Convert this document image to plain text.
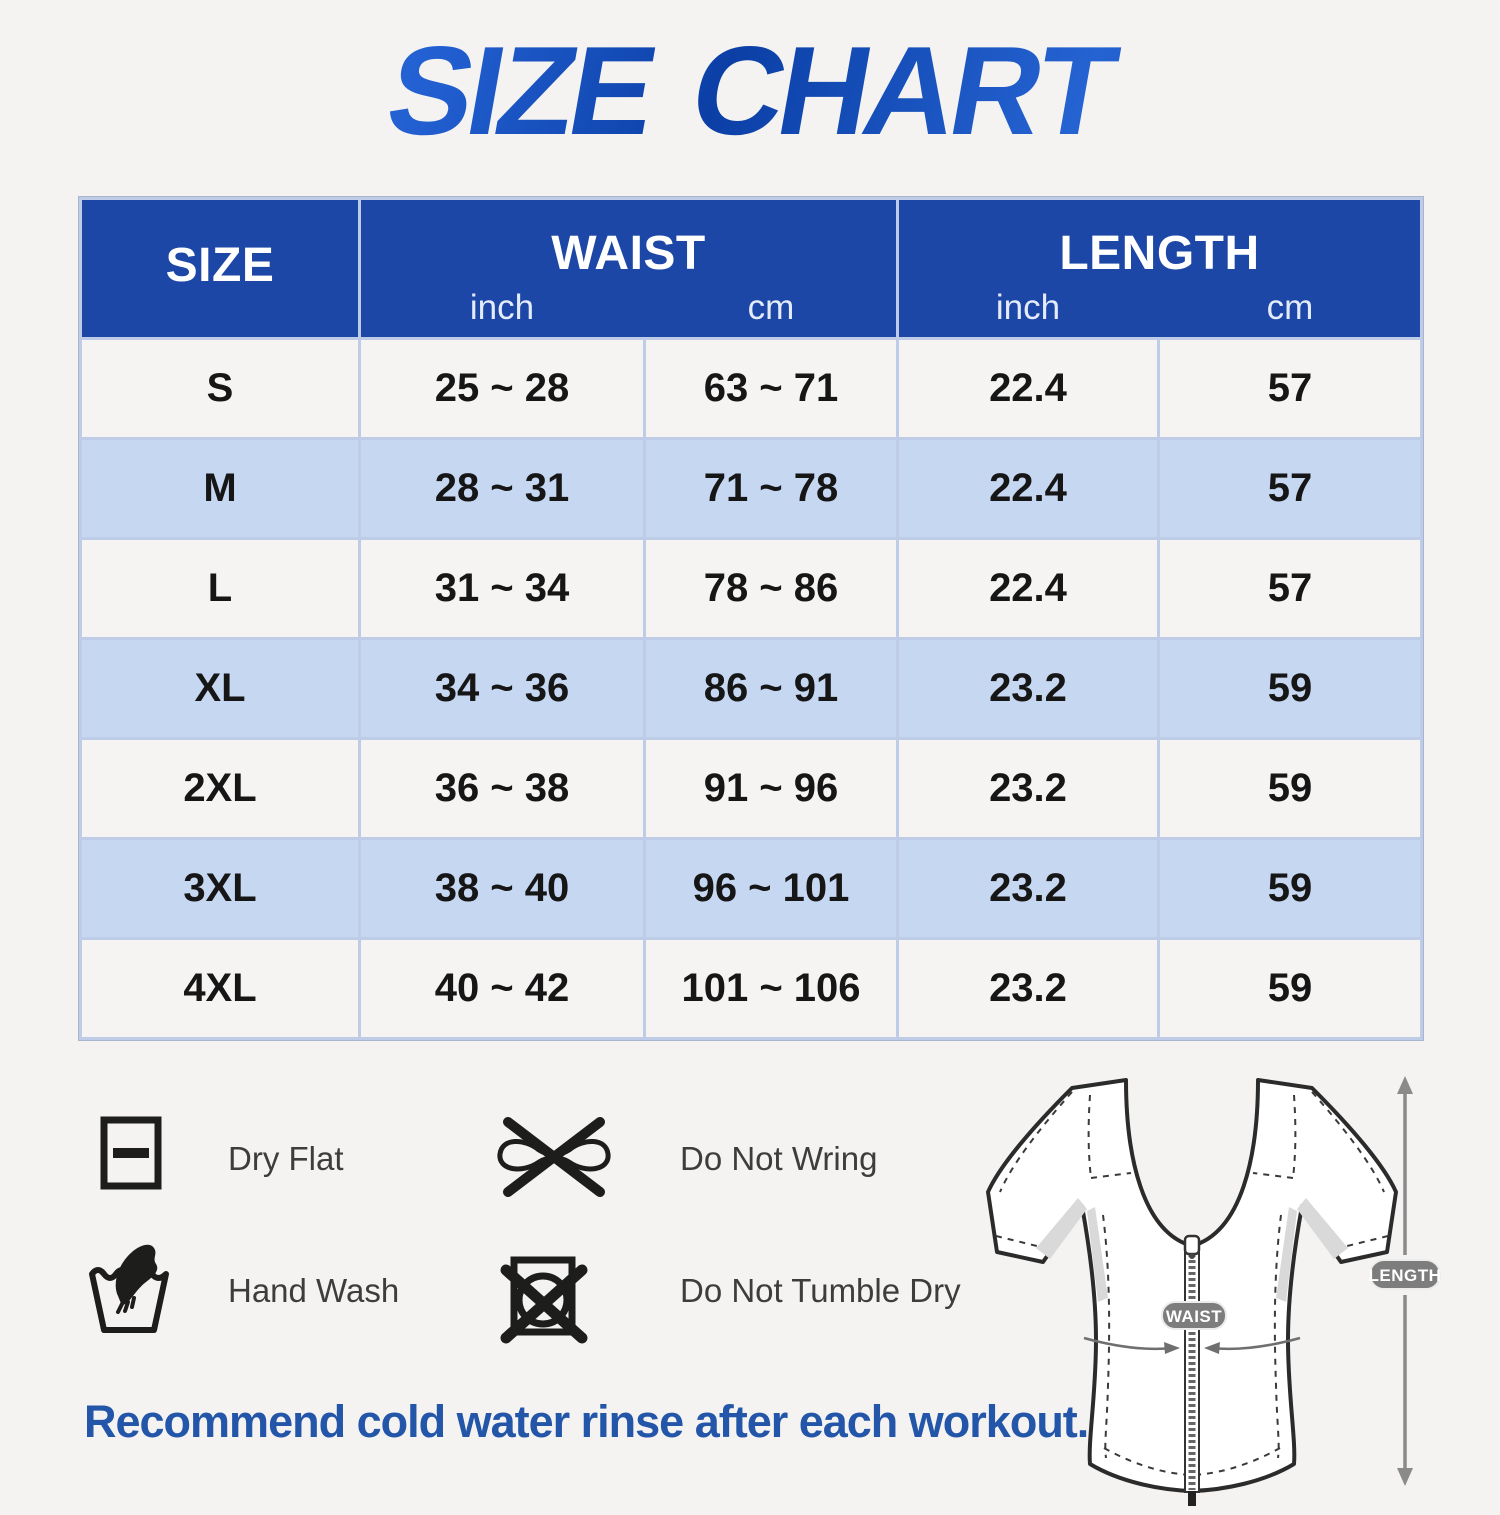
SIZE CHART
SIZE	WAIST
inch	cm
LENGTH
inch	cm
S	25 ~ 28	63 ~ 71	22.4	57
M	28 ~ 31	71 ~ 78	22.4	57
L	31 ~ 34	78 ~ 86	22.4	57
XL	34 ~ 36	86 ~ 91	23.2	59
2XL	36 ~ 38	91 ~ 96	23.2	59
3XL	38 ~ 40	96 ~ 101	23.2	59
4XL	40 ~ 42	101 ~ 106	23.2	59
Dry Flat	Do Not Wring
Hand Wash	Do Not Tumble Dry
Recommend cold water rinse after each workout.
WAIST
LENGTH
